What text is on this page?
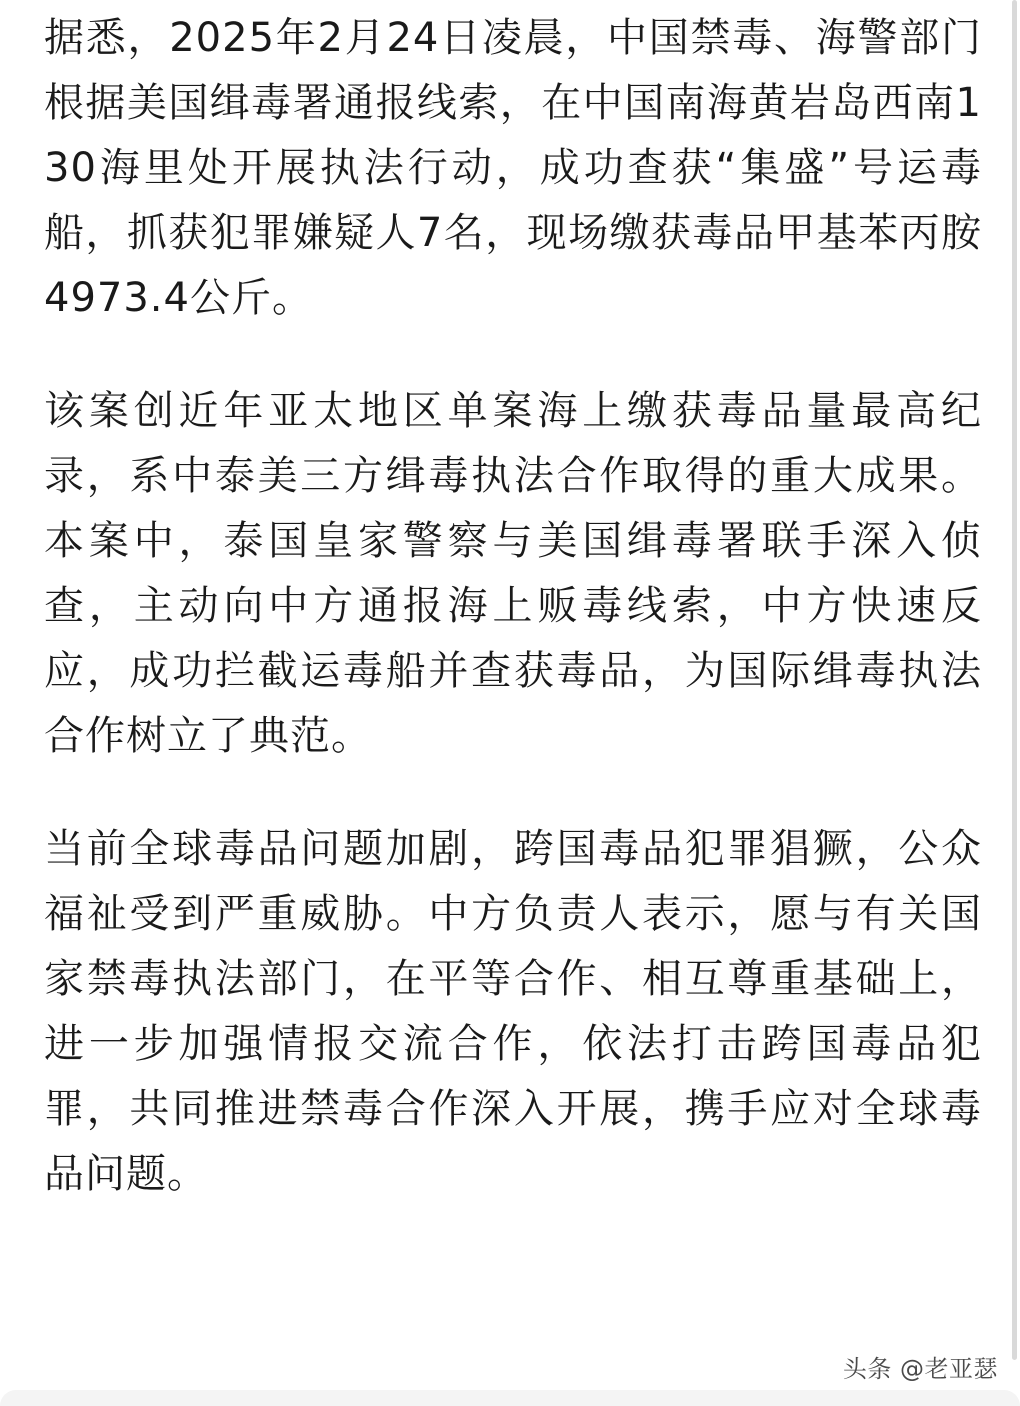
据悉，2025年2月24日凌晨，中国禁毒、海警部门根据美国缉毒署通报线索，在中国南海黄岩岛西南130海里处开展执法行动，成功查获“集盛”号运毒船，抓获犯罪嫌疑人7名，现场缴获毒品甲基苯丙胺4973.4公斤。

该案创近年亚太地区单案海上缴获毒品量最高纪录，系中泰美三方缉毒执法合作取得的重大成果。本案中，泰国皇家警察与美国缉毒署联手深入侦查，主动向中方通报海上贩毒线索，中方快速反应，成功拦截运毒船并查获毒品，为国际缉毒执法合作树立了典范。

当前全球毒品问题加剧，跨国毒品犯罪猖獗，公众福祉受到严重威胁。中方负责人表示，愿与有关国家禁毒执法部门，在平等合作、相互尊重基础上，进一步加强情报交流合作，依法打击跨国毒品犯罪，共同推进禁毒合作深入开展，携手应对全球毒品问题。

头条 @老亚瑟
